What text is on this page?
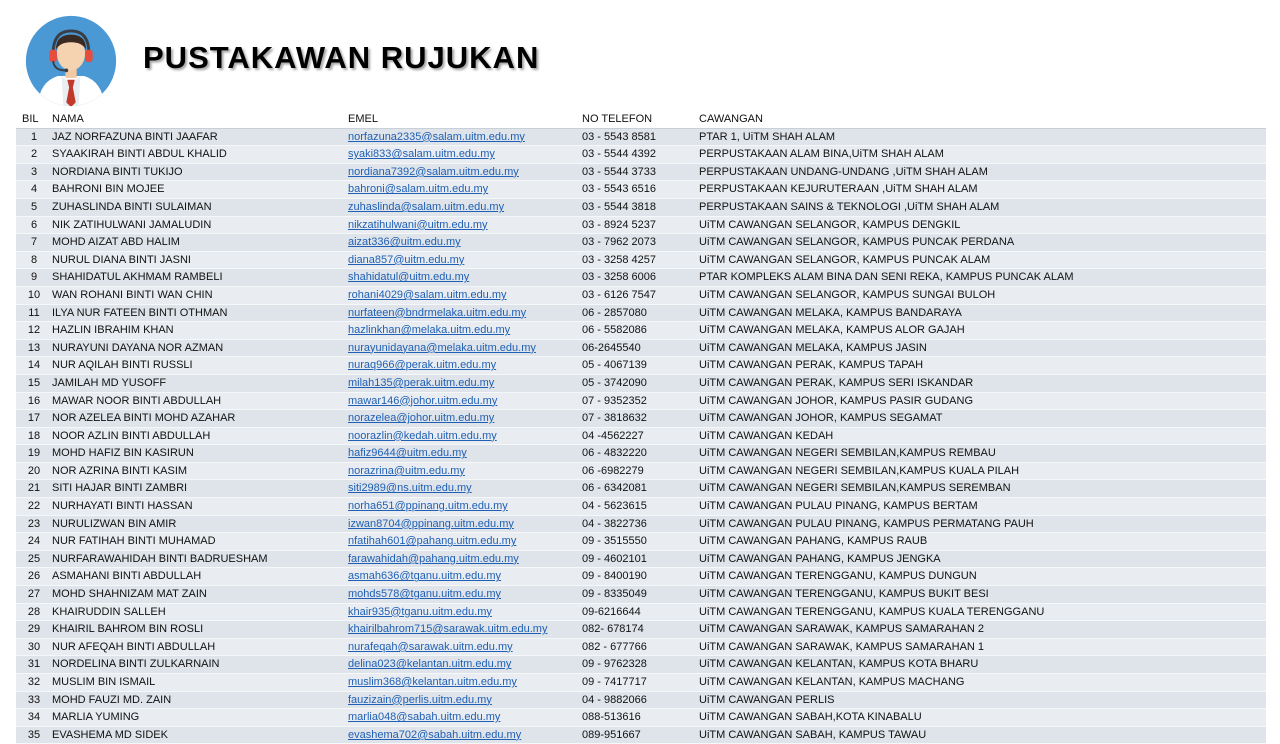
PUSTAKAWAN RUJUKAN
BIL	NAMA	EMEL	NO TELEFON	CAWANGAN
1	JAZ NORFAZUNA BINTI JAAFAR	norfazuna2335@salam.uitm.edu.my	03 - 5543 8581	PTAR 1, UiTM SHAH ALAM
2	SYAAKIRAH BINTI ABDUL KHALID	syaki833@salam.uitm.edu.my	03 - 5544 4392	PERPUSTAKAAN ALAM BINA,UiTM SHAH ALAM
3	NORDIANA BINTI TUKIJO	nordiana7392@salam.uitm.edu.my	03 - 5544 3733	PERPUSTAKAAN UNDANG-UNDANG ,UiTM SHAH ALAM
4	BAHRONI BIN MOJEE	bahroni@salam.uitm.edu.my	03 - 5543 6516	PERPUSTAKAAN KEJURUTERAAN ,UiTM SHAH ALAM
5	ZUHASLINDA BINTI SULAIMAN	zuhaslinda@salam.uitm.edu.my	03 - 5544 3818	PERPUSTAKAAN SAINS & TEKNOLOGI ,UiTM SHAH ALAM
6	NIK ZATIHULWANI JAMALUDIN	nikzatihulwani@uitm.edu.my	03 - 8924 5237	UiTM CAWANGAN SELANGOR, KAMPUS DENGKIL
7	MOHD AIZAT ABD HALIM	aizat336@uitm.edu.my	03 - 7962 2073	UiTM CAWANGAN SELANGOR, KAMPUS PUNCAK PERDANA
8	NURUL DIANA BINTI JASNI	diana857@uitm.edu.my	03 - 3258 4257	UiTM CAWANGAN SELANGOR, KAMPUS PUNCAK ALAM
9	SHAHIDATUL AKHMAM RAMBELI	shahidatul@uitm.edu.my	03 - 3258 6006	PTAR KOMPLEKS ALAM BINA DAN SENI REKA, KAMPUS PUNCAK ALAM
10	WAN ROHANI BINTI WAN CHIN	rohani4029@salam.uitm.edu.my	03 - 6126 7547	UiTM CAWANGAN SELANGOR, KAMPUS SUNGAI BULOH
11	ILYA NUR FATEEN BINTI OTHMAN	nurfateen@bndrmelaka.uitm.edu.my	06 - 2857080	UiTM CAWANGAN MELAKA, KAMPUS BANDARAYA
12	HAZLIN IBRAHIM KHAN	hazlinkhan@melaka.uitm.edu.my	06 - 5582086	UiTM CAWANGAN MELAKA, KAMPUS ALOR GAJAH
13	NURAYUNI DAYANA NOR AZMAN	nurayunidayana@melaka.uitm.edu.my	06-2645540	UiTM CAWANGAN MELAKA, KAMPUS JASIN
14	NUR AQILAH BINTI RUSSLI	nuraq966@perak.uitm.edu.my	05 - 4067139	UiTM CAWANGAN PERAK, KAMPUS TAPAH
15	JAMILAH MD YUSOFF	milah135@perak.uitm.edu.my	05 - 3742090	UiTM CAWANGAN PERAK, KAMPUS SERI ISKANDAR
16	MAWAR NOOR BINTI ABDULLAH	mawar146@johor.uitm.edu.my	07 - 9352352	UiTM CAWANGAN JOHOR, KAMPUS PASIR GUDANG
17	NOR AZELEA BINTI MOHD AZAHAR	norazelea@johor.uitm.edu.my	07 - 3818632	UiTM CAWANGAN JOHOR, KAMPUS SEGAMAT
18	NOOR AZLIN BINTI ABDULLAH	noorazlin@kedah.uitm.edu.my	04 -4562227	UiTM CAWANGAN KEDAH
19	MOHD HAFIZ BIN KASIRUN	hafiz9644@uitm.edu.my	06 - 4832220	UiTM CAWANGAN NEGERI SEMBILAN,KAMPUS REMBAU
20	NOR AZRINA BINTI KASIM	norazrina@uitm.edu.my	06 -6982279	UiTM CAWANGAN NEGERI SEMBILAN,KAMPUS KUALA PILAH
21	SITI HAJAR BINTI ZAMBRI	siti2989@ns.uitm.edu.my	06 - 6342081	UiTM CAWANGAN NEGERI SEMBILAN,KAMPUS SEREMBAN
22	NURHAYATI BINTI HASSAN	norha651@ppinang.uitm.edu.my	04 - 5623615	UiTM CAWANGAN PULAU PINANG, KAMPUS BERTAM
23	NURULIZWAN BIN AMIR	izwan8704@ppinang.uitm.edu.my	04 - 3822736	UiTM CAWANGAN PULAU PINANG, KAMPUS PERMATANG PAUH
24	NUR FATIHAH BINTI MUHAMAD	nfatihah601@pahang.uitm.edu.my	09 - 3515550	UiTM CAWANGAN PAHANG, KAMPUS RAUB
25	NURFARAWAHIDAH BINTI BADRUESHAM	farawahidah@pahang.uitm.edu.my	09 - 4602101	UiTM CAWANGAN PAHANG, KAMPUS JENGKA
26	ASMAHANI BINTI ABDULLAH	asmah636@tganu.uitm.edu.my	09 - 8400190	UiTM CAWANGAN TERENGGANU, KAMPUS DUNGUN
27	MOHD SHAHNIZAM MAT ZAIN	mohds578@tganu.uitm.edu.my	09 - 8335049	UiTM CAWANGAN TERENGGANU, KAMPUS BUKIT BESI
28	KHAIRUDDIN SALLEH	khair935@tganu.uitm.edu.my	09-6216644	UiTM CAWANGAN TERENGGANU, KAMPUS KUALA TERENGGANU
29	KHAIRIL BAHROM BIN ROSLI	khairilbahrom715@sarawak.uitm.edu.my	082- 678174	UiTM CAWANGAN SARAWAK, KAMPUS SAMARAHAN 2
30	NUR AFEQAH BINTI ABDULLAH	nurafeqah@sarawak.uitm.edu.my	082 - 677766	UiTM CAWANGAN SARAWAK, KAMPUS SAMARAHAN 1
31	NORDELINA BINTI ZULKARNAIN	delina023@kelantan.uitm.edu.my	09 - 9762328	UiTM CAWANGAN KELANTAN, KAMPUS KOTA BHARU
32	MUSLIM BIN ISMAIL	muslim368@kelantan.uitm.edu.my	09 - 7417717	UiTM CAWANGAN KELANTAN, KAMPUS MACHANG
33	MOHD FAUZI MD. ZAIN	fauzizain@perlis.uitm.edu.my	04 - 9882066	UiTM CAWANGAN PERLIS
34	MARLIA YUMING	marlia048@sabah.uitm.edu.my	088-513616	UiTM CAWANGAN SABAH,KOTA KINABALU
35	EVASHEMA MD SIDEK	evashema702@sabah.uitm.edu.my	089-951667	UiTM CAWANGAN SABAH, KAMPUS TAWAU
